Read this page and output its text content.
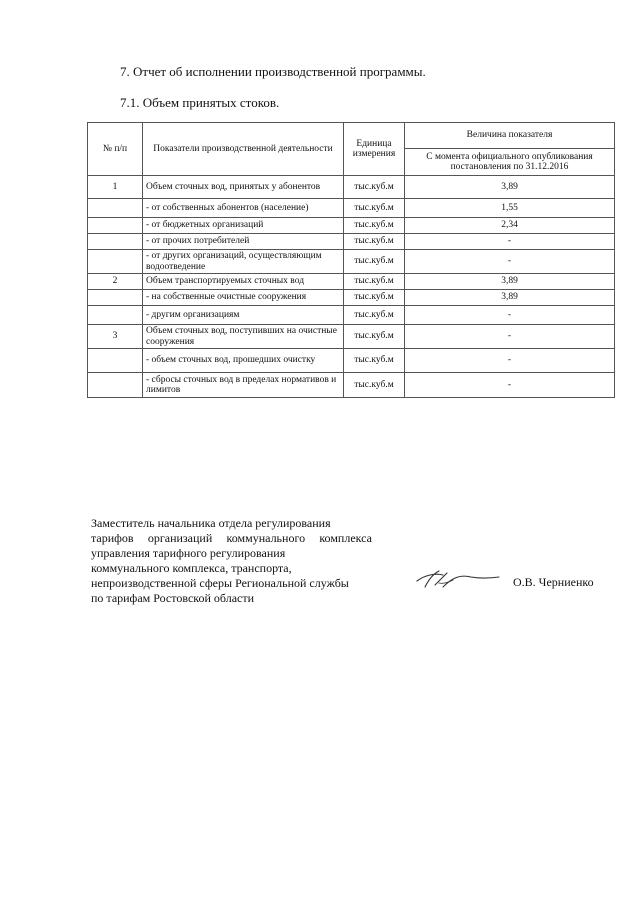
7. Отчет об исполнении производственной программы.
7.1. Объем принятых стоков.
№ п/п	Показатели производственной деятельности	Единица измерения	Величина показателя
			С момента официального опубликования постановления по 31.12.2016
1	Объем сточных вод, принятых у абонентов	тыс.куб.м	3,89
	- от собственных абонентов (население)	тыс.куб.м	1,55
	- от бюджетных организаций	тыс.куб.м	2,34
	- от прочих потребителей	тыс.куб.м	-
	- от других организаций, осуществляющим водоотведение	тыс.куб.м	-
2	Объем транспортируемых сточных вод	тыс.куб.м	3,89
	- на собственные очистные сооружения	тыс.куб.м	3,89
	- другим организациям	тыс.куб.м	-
3	Объем сточных вод, поступивших на очистные сооружения	тыс.куб.м	-
	- объем сточных вод, прошедших очистку	тыс.куб.м	-
	- сбросы сточных вод в пределах нормативов и лимитов	тыс.куб.м	-
Заместитель начальника отдела регулирования
тарифов организаций коммунального комплекса
управления тарифного регулирования
коммунального комплекса, транспорта,
непроизводственной сферы Региональной службы
по тарифам Ростовской области
О.В. Черниенко
